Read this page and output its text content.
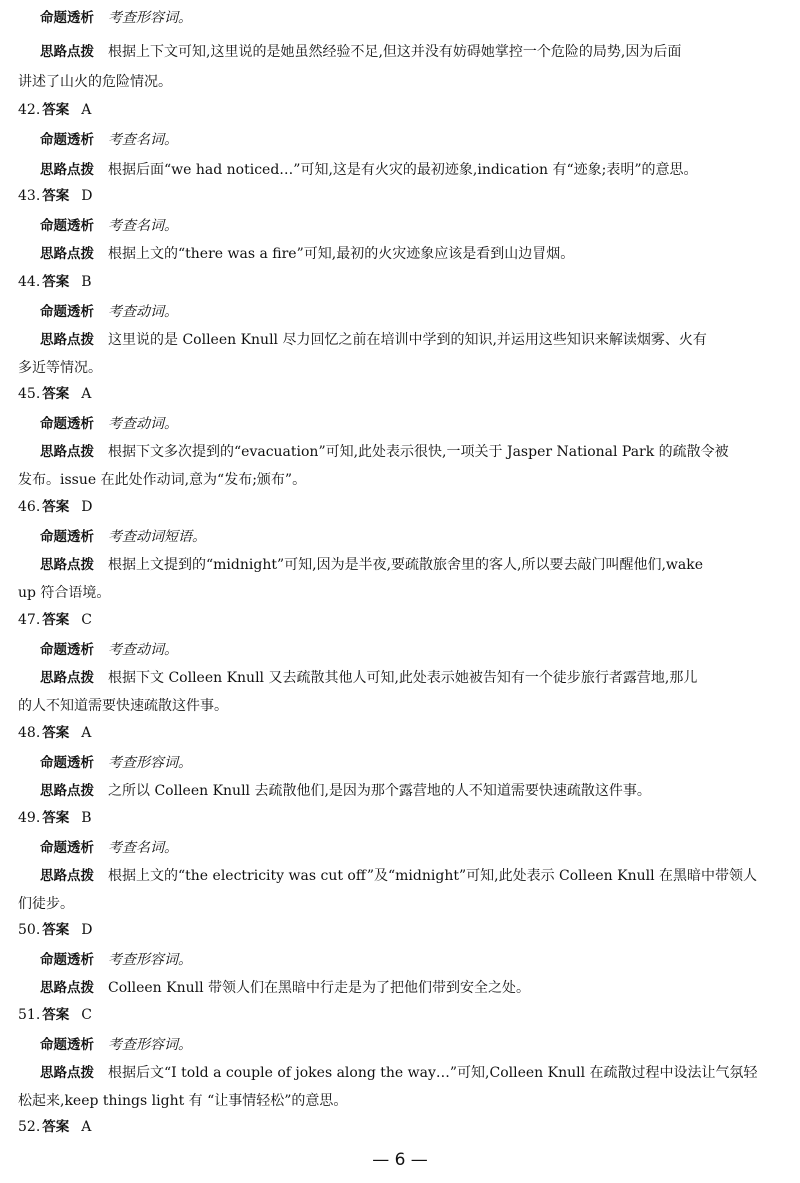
命题透析 考查形容词。
思路点拨 根据上下文可知,这里说的是她虽然经验不足,但这并没有妨碍她掌控一个危险的局势,因为后面
讲述了山火的危险情况。
42. 答案 A
命题透析 考查名词。
思路点拨 根据后面“we had noticed…”可知,这是有火灾的最初迹象,indication 有“迹象;表明”的意思。
43. 答案 D
命题透析 考查名词。
思路点拨 根据上文的“there was a fire”可知,最初的火灾迹象应该是看到山边冒烟。
44. 答案 B
命题透析 考查动词。
思路点拨 这里说的是 Colleen Knull 尽力回忆之前在培训中学到的知识,并运用这些知识来解读烟雾、火有
多近等情况。
45. 答案 A
命题透析 考查动词。
思路点拨 根据下文多次提到的“evacuation”可知,此处表示很快,一项关于 Jasper National Park 的疏散令被
发布。issue 在此处作动词,意为“发布;颁布”。
46. 答案 D
命题透析 考查动词短语。
思路点拨 根据上文提到的“midnight”可知,因为是半夜,要疏散旅舍里的客人,所以要去敲门叫醒他们,wake
up 符合语境。
47. 答案 C
命题透析 考查动词。
思路点拨 根据下文 Colleen Knull 又去疏散其他人可知,此处表示她被告知有一个徒步旅行者露营地,那儿
的人不知道需要快速疏散这件事。
48. 答案 A
命题透析 考查形容词。
思路点拨 之所以 Colleen Knull 去疏散他们,是因为那个露营地的人不知道需要快速疏散这件事。
49. 答案 B
命题透析 考查名词。
思路点拨 根据上文的“the electricity was cut off”及“midnight”可知,此处表示 Colleen Knull 在黑暗中带领人
们徒步。
50. 答案 D
命题透析 考查形容词。
思路点拨 Colleen Knull 带领人们在黑暗中行走是为了把他们带到安全之处。
51. 答案 C
命题透析 考查形容词。
思路点拨 根据后文“I told a couple of jokes along the way…”可知,Colleen Knull 在疏散过程中设法让气氛轻
松起来,keep things light 有 “让事情轻松”的意思。
52. 答案 A
— 6 —
